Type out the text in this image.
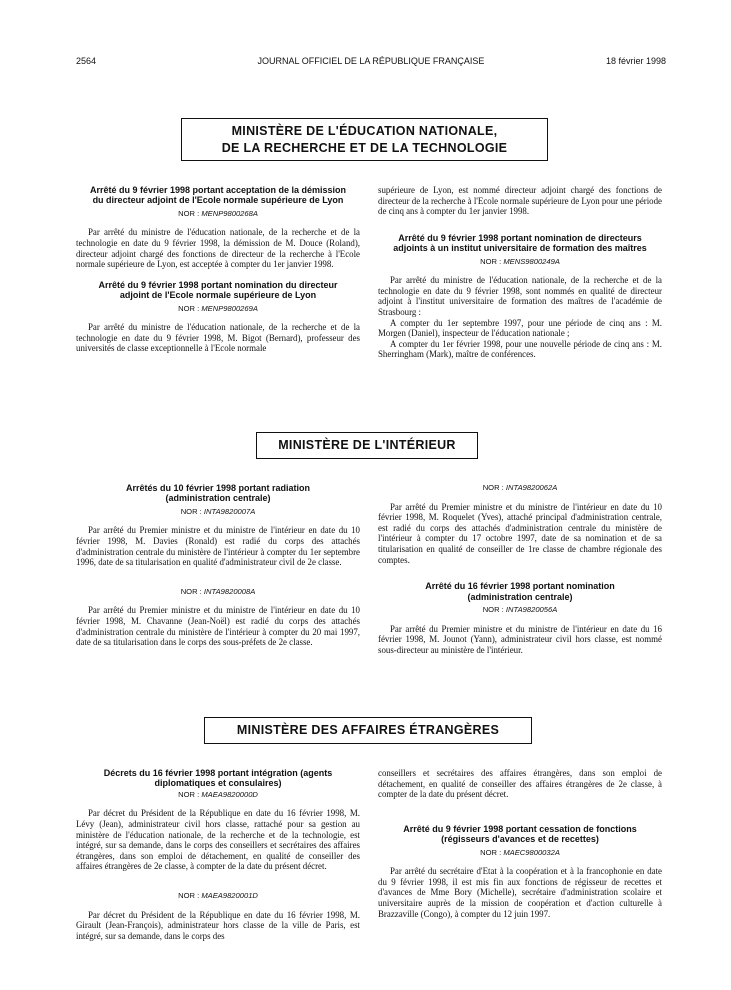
2564	JOURNAL OFFICIEL DE LA RÉPUBLIQUE FRANÇAISE	18 février 1998
MINISTÈRE DE L'ÉDUCATION NATIONALE,
DE LA RECHERCHE ET DE LA TECHNOLOGIE
Arrêté du 9 février 1998 portant acceptation de la démission du directeur adjoint de l'Ecole normale supérieure de Lyon
NOR : MENP9800268A

Par arrêté du ministre de l'éducation nationale, de la recherche et de la technologie en date du 9 février 1998, la démission de M. Douce (Roland), directeur adjoint chargé des fonctions de directeur de la recherche à l'Ecole normale supérieure de Lyon, est acceptée à compter du 1er janvier 1998.

Arrêté du 9 février 1998 portant nomination du directeur adjoint de l'Ecole normale supérieure de Lyon
NOR : MENP9800269A

Par arrêté du ministre de l'éducation nationale, de la recherche et de la technologie en date du 9 février 1998, M. Bigot (Bernard), professeur des universités de classe exceptionnelle à l'Ecole normale

supérieure de Lyon, est nommé directeur adjoint chargé des fonctions de directeur de la recherche à l'Ecole normale supérieure de Lyon pour une période de cinq ans à compter du 1er janvier 1998.

Arrêté du 9 février 1998 portant nomination de directeurs adjoints à un institut universitaire de formation des maîtres
NOR : MENS9800249A

Par arrêté du ministre de l'éducation nationale, de la recherche et de la technologie en date du 9 février 1998, sont nommés en qualité de directeur adjoint à l'institut universitaire de formation des maîtres de l'académie de Strasbourg :

A compter du 1er septembre 1997, pour une période de cinq ans : M. Morgen (Daniel), inspecteur de l'éducation nationale ;

A compter du 1er février 1998, pour une nouvelle période de cinq ans : M. Sherringham (Mark), maître de conférences.

MINISTÈRE DE L'INTÉRIEUR
Arrêtés du 10 février 1998 portant radiation (administration centrale)
NOR : INTA9820007A

Par arrêté du Premier ministre et du ministre de l'intérieur en date du 10 février 1998, M. Davies (Ronald) est radié du corps des attachés d'administration centrale du ministère de l'intérieur à compter du 1er septembre 1996, date de sa titularisation en qualité d'administrateur civil de 2e classe.

NOR : INTA9820008A

Par arrêté du Premier ministre et du ministre de l'intérieur en date du 10 février 1998, M. Chavanne (Jean-Noël) est radié du corps des attachés d'administration centrale du ministère de l'intérieur à compter du 20 mai 1997, date de sa titularisation dans le corps des sous-préfets de 2e classe.

NOR : INTA9820062A

Par arrêté du Premier ministre et du ministre de l'intérieur en date du 10 février 1998, M. Roquelet (Yves), attaché principal d'administration centrale, est radié du corps des attachés d'administration centrale du ministère de l'intérieur à compter du 17 octobre 1997, date de sa nomination et de sa titularisation en qualité de conseiller de 1re classe de chambre régionale des comptes.

Arrêté du 16 février 1998 portant nomination (administration centrale)
NOR : INTA9820056A

Par arrêté du Premier ministre et du ministre de l'intérieur en date du 16 février 1998, M. Jounot (Yann), administrateur civil hors classe, est nommé sous-directeur au ministère de l'intérieur.

MINISTÈRE DES AFFAIRES ÉTRANGÈRES
Décrets du 16 février 1998 portant intégration (agents diplomatiques et consulaires)
NOR : MAEA9820000D

Par décret du Président de la République en date du 16 février 1998, M. Lévy (Jean), administrateur civil hors classe, rattaché pour sa gestion au ministère de l'éducation nationale, de la recherche et de la technologie, est intégré, sur sa demande, dans le corps des conseillers et secrétaires des affaires étrangères, dans son emploi de détachement, en qualité de conseiller des affaires étrangères de 2e classe, à compter de la date du présent décret.

NOR : MAEA9820001D

Par décret du Président de la République en date du 16 février 1998, M. Girault (Jean-François), administrateur hors classe de la ville de Paris, est intégré, sur sa demande, dans le corps des

conseillers et secrétaires des affaires étrangères, dans son emploi de détachement, en qualité de conseiller des affaires étrangères de 2e classe, à compter de la date du présent décret.

Arrêté du 9 février 1998 portant cessation de fonctions (régisseurs d'avances et de recettes)
NOR : MAEC9800032A

Par arrêté du secrétaire d'Etat à la coopération et à la francophonie en date du 9 février 1998, il est mis fin aux fonctions de régisseur de recettes et d'avances de Mme Bory (Michelle), secrétaire d'administration scolaire et universitaire auprès de la mission de coopération et d'action culturelle à Brazzaville (Congo), à compter du 12 juin 1997.
